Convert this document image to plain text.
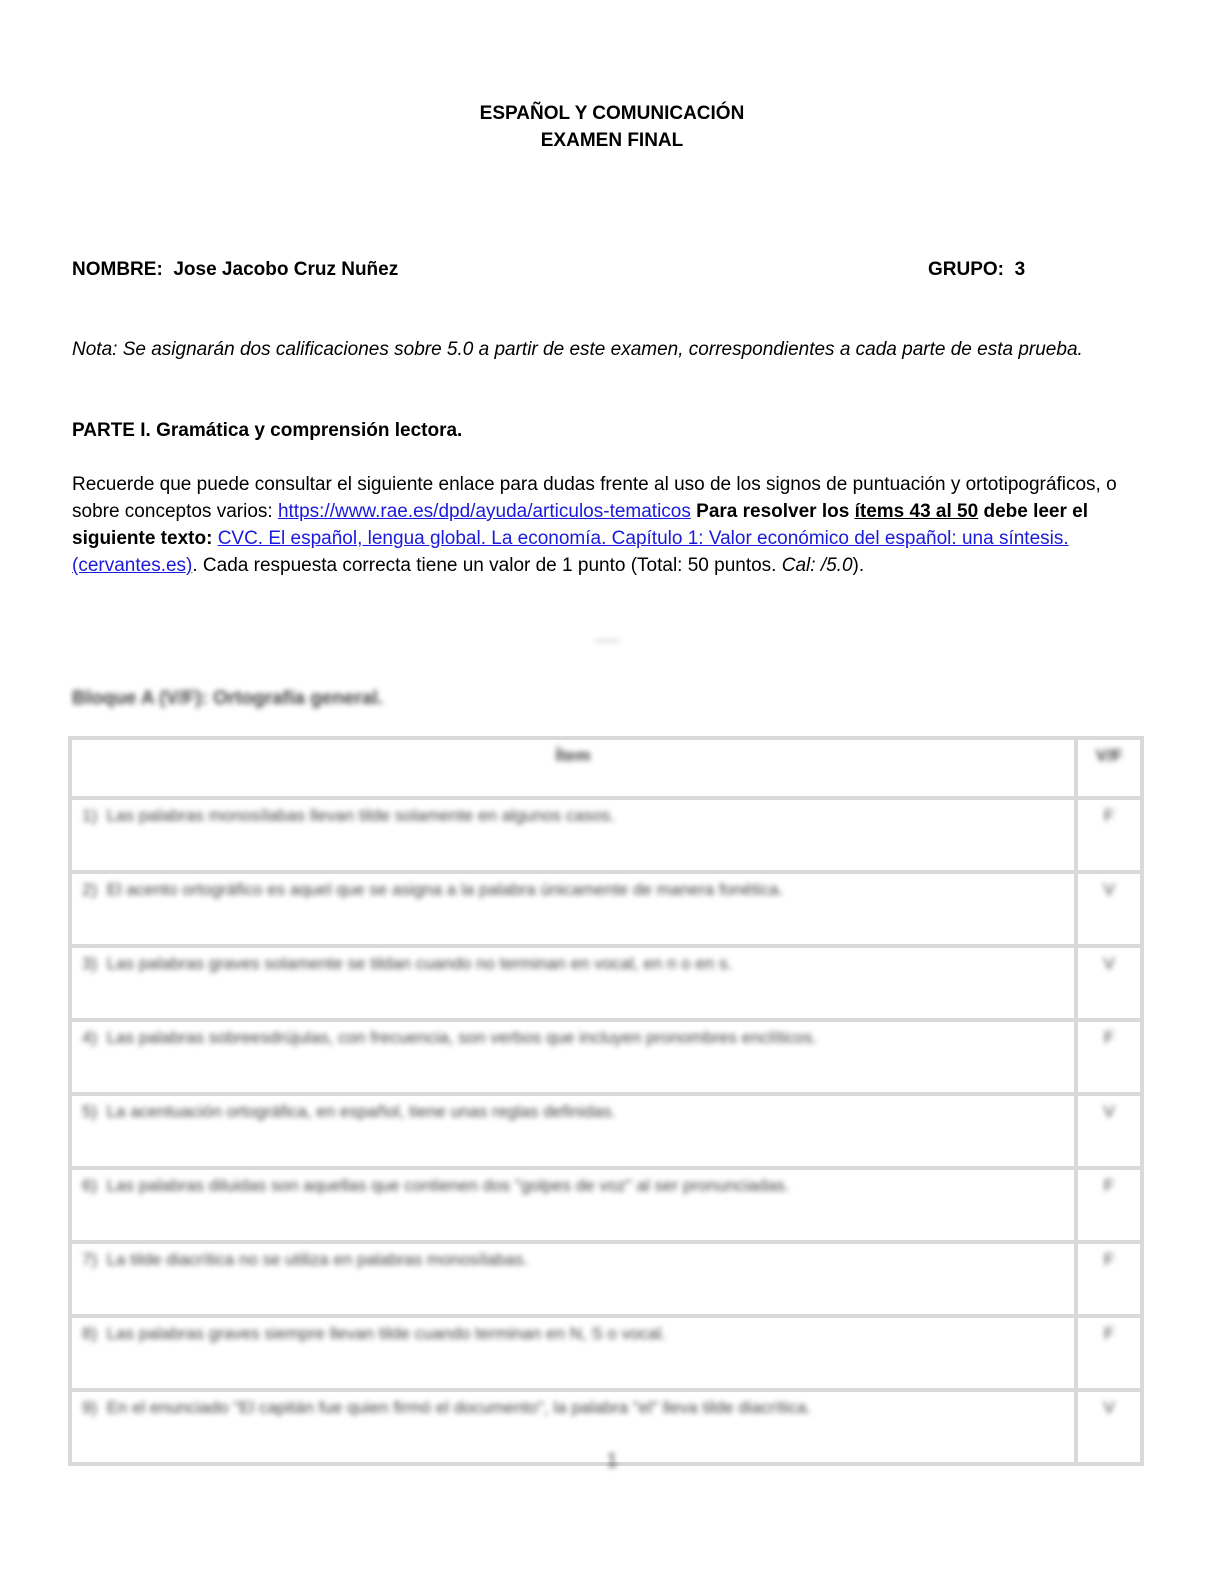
ESPAÑOL Y COMUNICACIÓN
EXAMEN FINAL
NOMBRE: Jose Jacobo Cruz Nuñez	GRUPO: 3
Nota: Se asignarán dos calificaciones sobre 5.0 a partir de este examen, correspondientes a cada parte de esta prueba.
PARTE I. Gramática y comprensión lectora.
Recuerde que puede consultar el siguiente enlace para dudas frente al uso de los signos de puntuación y ortotipográficos, o sobre conceptos varios: https://www.rae.es/dpd/ayuda/articulos-tematicos Para resolver los ítems 43 al 50 debe leer el siguiente texto: CVC. El español, lengua global. La economía. Capítulo 1: Valor económico del español: una síntesis. (cervantes.es). Cada respuesta correcta tiene un valor de 1 punto (Total: 50 puntos. Cal: /5.0).
———
Bloque A (V/F): Ortografía general.
Ítem	V/F
1) Las palabras monosílabas llevan tilde solamente en algunos casos.	F
2) El acento ortográfico es aquel que se asigna a la palabra únicamente de manera fonética.	V
3) Las palabras graves solamente se tildan cuando no terminan en vocal, en n o en s.	V
4) Las palabras sobreesdrújulas, con frecuencia, son verbos que incluyen pronombres enclíticos.	F
5) La acentuación ortográfica, en español, tiene unas reglas definidas.	V
6) Las palabras diluidas son aquellas que contienen dos "golpes de voz" al ser pronunciadas.	F
7) La tilde diacrítica no se utiliza en palabras monosílabas.	F
8) Las palabras graves siempre llevan tilde cuando terminan en N, S o vocal.	F
9) En el enunciado "El capitán fue quien firmó el documento", la palabra "el" lleva tilde diacrítica.	V
1
